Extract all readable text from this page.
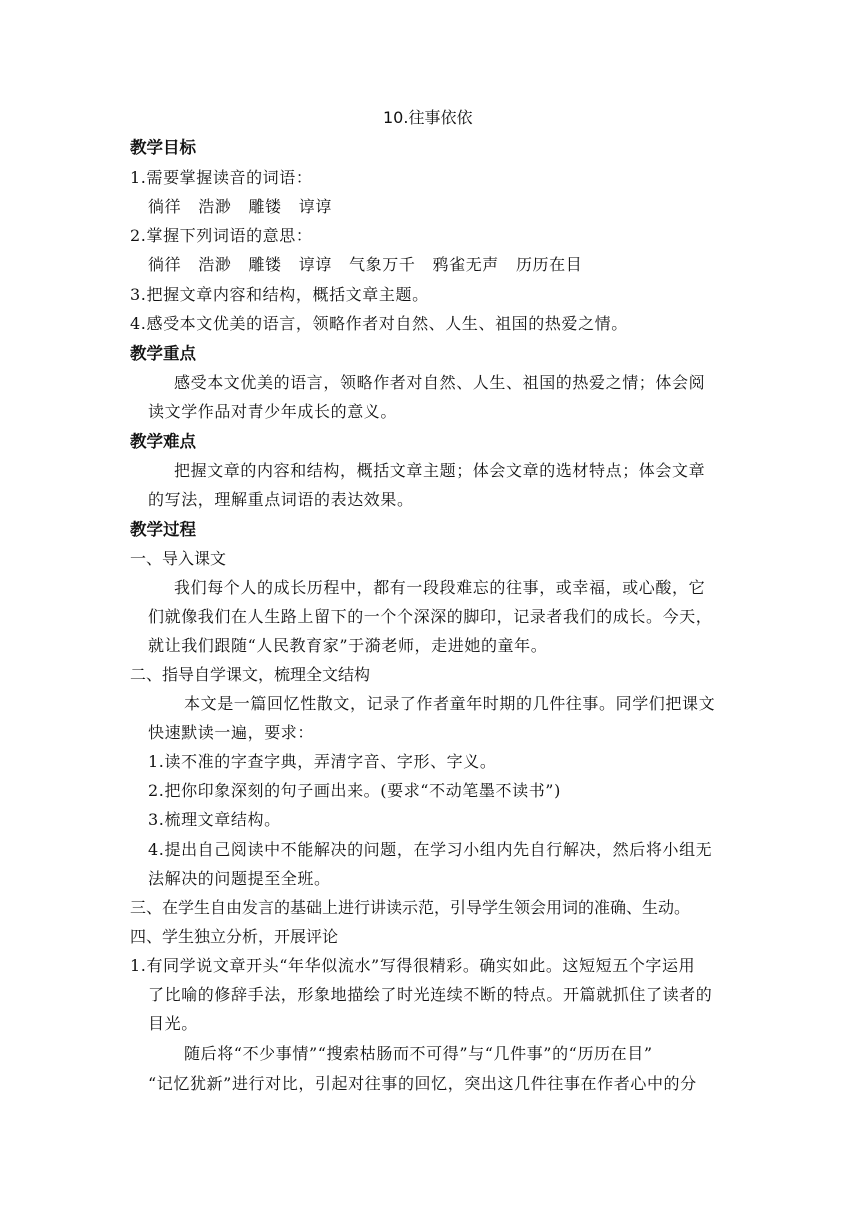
10.往事依依
教学目标
1.需要掌握读音的词语：
徜徉   浩渺   雕镂   谆谆
2.掌握下列词语的意思：
徜徉   浩渺   雕镂   谆谆   气象万千   鸦雀无声   历历在目
3.把握文章内容和结构，概括文章主题。
4.感受本文优美的语言，领略作者对自然、人生、祖国的热爱之情。
教学重点
感受本文优美的语言，领略作者对自然、人生、祖国的热爱之情；体会阅
读文学作品对青少年成长的意义。
教学难点
把握文章的内容和结构，概括文章主题；体会文章的选材特点；体会文章
的写法，理解重点词语的表达效果。
教学过程
一、导入课文
我们每个人的成长历程中，都有一段段难忘的往事，或幸福，或心酸，它
们就像我们在人生路上留下的一个个深深的脚印，记录者我们的成长。今天，
就让我们跟随“人民教育家”于漪老师，走进她的童年。
二、指导自学课文，梳理全文结构
本文是一篇回忆性散文，记录了作者童年时期的几件往事。同学们把课文
快速默读一遍，要求：
1.读不准的字查字典，弄清字音、字形、字义。
2.把你印象深刻的句子画出来。(要求“不动笔墨不读书”)
3.梳理文章结构。
4.提出自己阅读中不能解决的问题，在学习小组内先自行解决，然后将小组无
法解决的问题提至全班。
三、在学生自由发言的基础上进行讲读示范，引导学生领会用词的准确、生动。
四、学生独立分析，开展评论
1.有同学说文章开头“年华似流水”写得很精彩。确实如此。这短短五个字运用
了比喻的修辞手法，形象地描绘了时光连续不断的特点。开篇就抓住了读者的
目光。
随后将“不少事情”“搜索枯肠而不可得”与“几件事”的“历历在目”
“记忆犹新”进行对比，引起对往事的回忆，突出这几件往事在作者心中的分
